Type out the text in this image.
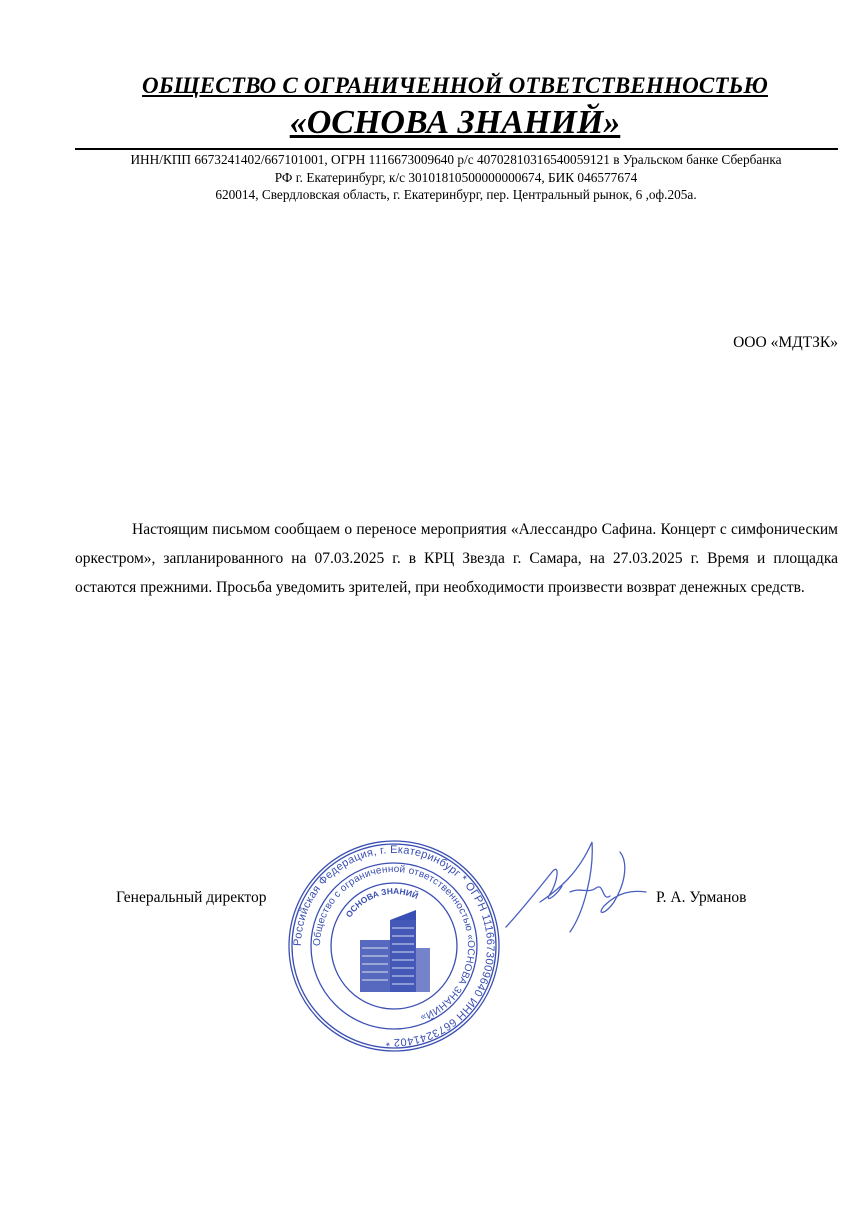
ОБЩЕСТВО С ОГРАНИЧЕННОЙ ОТВЕТСТВЕННОСТЬЮ
«ОСНОВА ЗНАНИЙ»
ИНН/КПП 6673241402/667101001, ОГРН 1116673009640 р/с 40702810316540059121 в Уральском банке Сбербанка
РФ г. Екатеринбург, к/с 30101810500000000674, БИК 046577674
620014, Свердловская область, г. Екатеринбург, пер. Центральный рынок, 6 ,оф.205а.
ООО «МДТЗК»

Настоящим письмом сообщаем о переносе мероприятия «Алессандро Сафина. Концерт с симфоническим оркестром», запланированного на 07.03.2025 г. в КРЦ Звезда г. Самара, на 27.03.2025 г. Время и площадка остаются прежними. Просьба уведомить зрителей, при необходимости произвести возврат денежных средств.

Генеральный директор
Российская Федерация, г. Екатеринбург * ОГРН 1116673009640 ИНН 6673241402 *
Общество с ограниченной ответственностью «ОСНОВА ЗНАНИЙ»
ОСНОВА ЗНАНИЙ	Р. А. Урманов
